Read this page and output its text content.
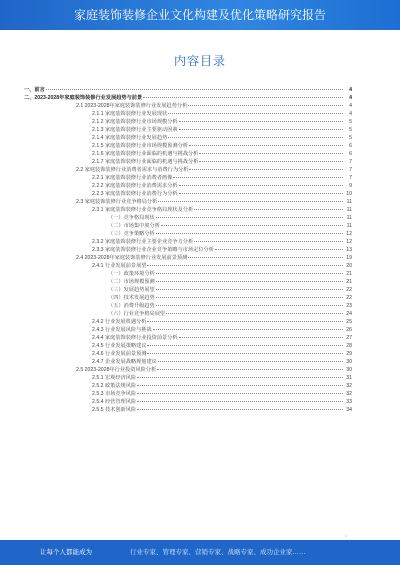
家庭装饰装修企业文化构建及优化策略研究报告
内容目录
一、前言	4
二、2023-2028年家庭装饰装修行业发展趋势与前景	4
2.1 2023-2028年家庭装饰装修行业发展趋势分析	4
2.1.1 家庭装饰装修行业发展现状	4
2.1.2 家庭装饰装修行业市场规模分析	5
2.1.3 家庭装饰装修行业主要驱动因素	5
2.1.4 家庭装饰装修行业发展趋势	5
2.1.5 家庭装饰装修行业市场规模预测分析	6
2.1.6 家庭装饰装修行业面临的机遇与挑战分析	6
2.1.7 家庭装饰装修行业面临的机遇与挑战分析	7
2.2 家庭装饰装修行业消费者需求与消费行为分析	7
2.2.1 家庭装饰装修行业消费者画像	7
2.2.2 家庭装饰装修行业消费需求分析	9
2.2.3 家庭装饰装修行业消费行为分析	10
2.3 家庭装饰装修行业竞争格局分析	11
2.3.1 家庭装饰装修行业竞争格局现状及分析	11
（一）竞争格局现状	11
（二）市场集中度分析	11
（三）竞争策略分析	12
2.3.2 家庭装饰装修行业主要企业竞争力分析	12
2.3.3 家庭装饰装修行业企业竞争策略与市场定位分析	13
2.4 2023-2028年家庭装饰装修行业发展前景预测	19
2.4.1 行业发展前景展望	20
（一）政策环境分析	21
（二）市场规模预测	21
（三）发展趋势展望	22
（四）技术发展趋势	22
（五）消费升级趋势	23
（六）行业竞争格局展望	24
2.4.2 行业发展机遇分析	25
2.4.3 行业发展风险与挑战	26
2.4.4 家庭装饰装修行业投资前景分析	27
2.4.5 行业发展策略建议	28
2.4.6 行业发展前景预测	29
2.4.7 企业发展战略规划建议	30
2.5 2023-2028年行业投资风险分析	30
2.5.1 宏观经济风险	31
2.5.2 政策法规风险	32
2.5.3 市场竞争风险	32
2.5.4 经营管理风险	33
2.5.5 技术创新风险	34
让每个人都能成为	行业专家、管理专家、营销专家、战略专家、成功企业家……
/
